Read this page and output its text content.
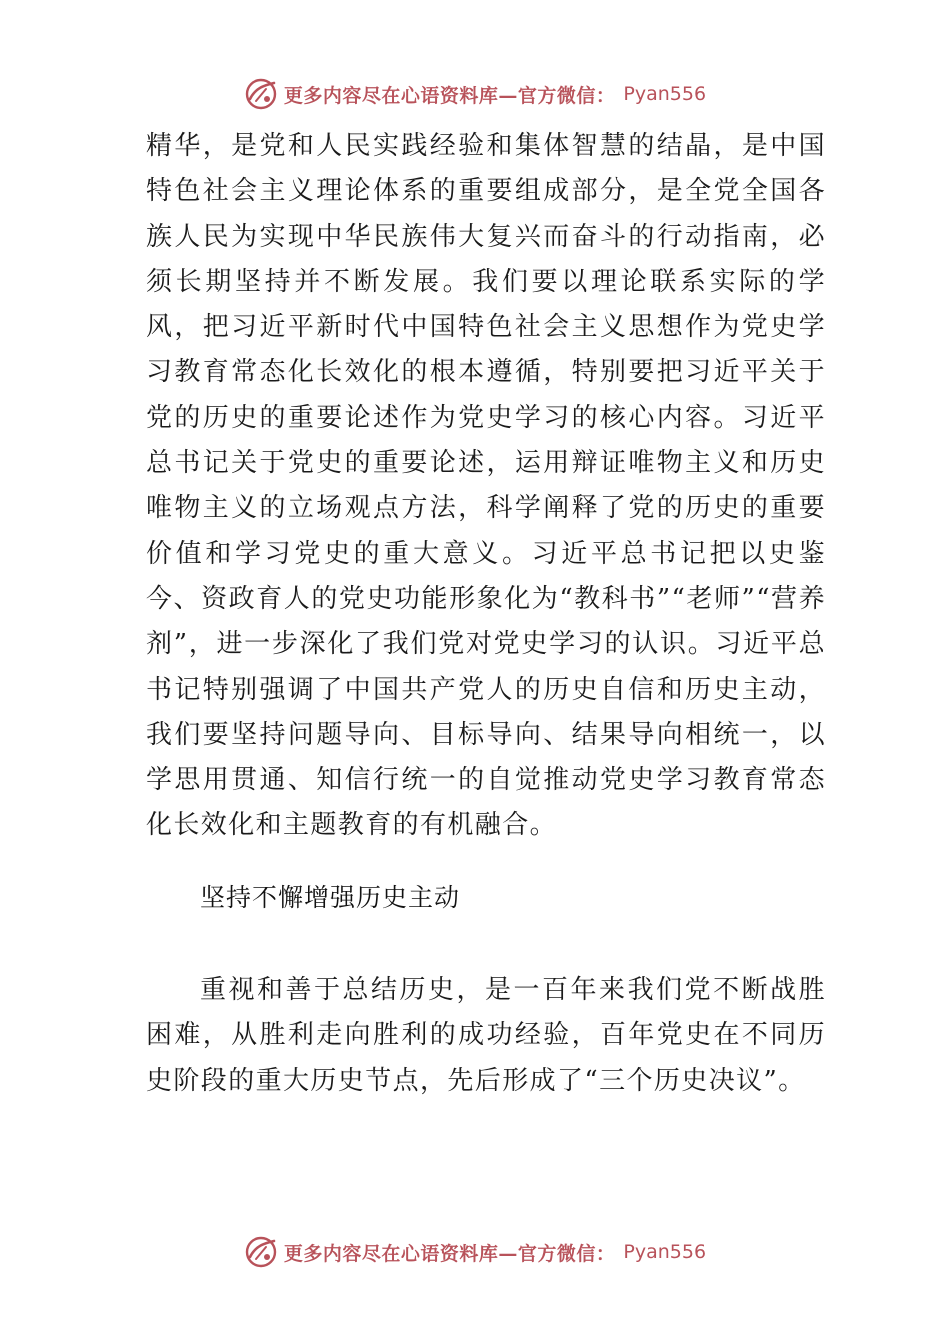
更多内容尽在心语资料库—官方微信： Pyan556

精华，是党和人民实践经验和集体智慧的结晶，是中国特色社会主义理论体系的重要组成部分，是全党全国各族人民为实现中华民族伟大复兴而奋斗的行动指南，必须长期坚持并不断发展。我们要以理论联系实际的学风，把习近平新时代中国特色社会主义思想作为党史学习教育常态化长效化的根本遵循，特别要把习近平关于党的历史的重要论述作为党史学习的核心内容。习近平总书记关于党史的重要论述，运用辩证唯物主义和历史唯物主义的立场观点方法，科学阐释了党的历史的重要价值和学习党史的重大意义。习近平总书记把以史鉴今、资政育人的党史功能形象化为“教科书”“老师”“营养剂”，进一步深化了我们党对党史学习的认识。习近平总书记特别强调了中国共产党人的历史自信和历史主动，我们要坚持问题导向、目标导向、结果导向相统一，以学思用贯通、知信行统一的自觉推动党史学习教育常态化长效化和主题教育的有机融合。

坚持不懈增强历史主动

重视和善于总结历史，是一百年来我们党不断战胜困难，从胜利走向胜利的成功经验，百年党史在不同历史阶段的重大历史节点，先后形成了“三个历史决议”。

更多内容尽在心语资料库—官方微信： Pyan556
